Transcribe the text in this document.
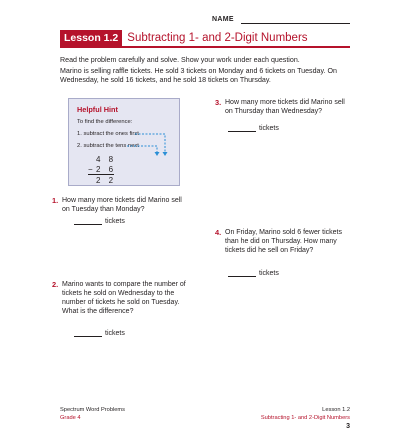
NAME
Lesson 1.2 Subtracting 1- and 2-Digit Numbers
Read the problem carefully and solve. Show your work under each question.
Marino is selling raffle tickets. He sold 3 tickets on Monday and 6 tickets on Tuesday. On Wednesday, he sold 16 tickets, and he sold 18 tickets on Thursday.
Helpful Hint
To find the difference:
1. subtract the ones first
2. subtract the tens next
4 8
− 2 6
2 2
1. How many more tickets did Marino sell on Tuesday than Monday?
tickets
2. Marino wants to compare the number of tickets he sold on Wednesday to the number of tickets he sold on Tuesday. What is the difference?
tickets
3. How many more tickets did Marino sell on Thursday than Wednesday?
tickets
4. On Friday, Marino sold 6 fewer tickets than he did on Thursday. How many tickets did he sell on Friday?
tickets
Spectrum Word Problems
Grade 4
Lesson 1.2
Subtracting 1- and 2-Digit Numbers
3
